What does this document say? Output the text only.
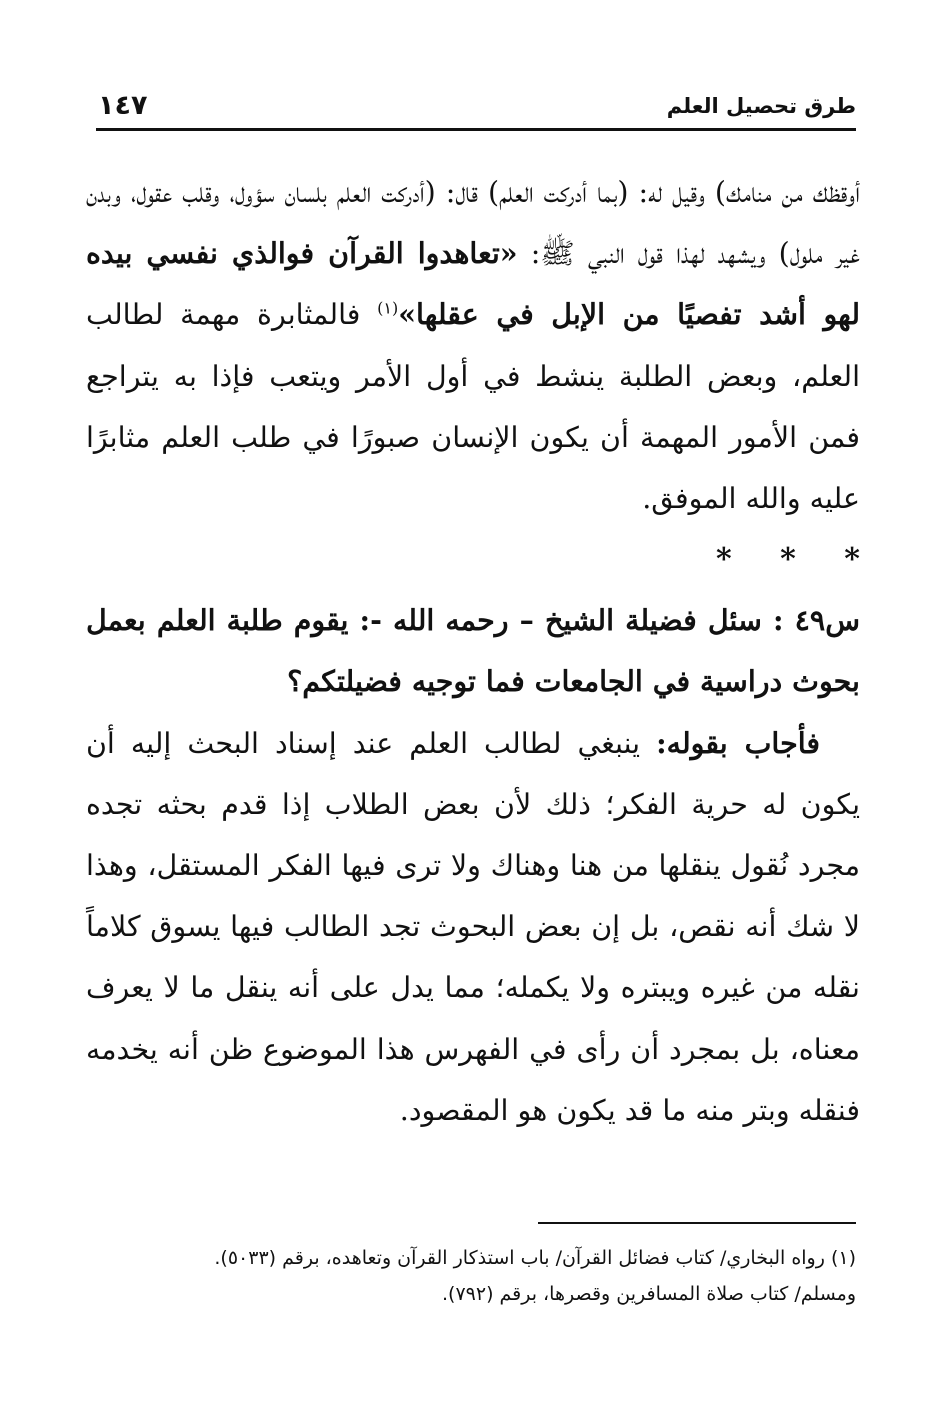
طرق تحصيل العلم
١٤٧

أوقظك من منامك) وقيل له: (بما أدركت العلم) قال: (أدركت العلم بلسان سؤول، وقلب عقول، وبدن غير ملول) ويشهد لهذا قول النبي ﷺ: «تعاهدوا القرآن فوالذي نفسي بيده لهو أشد تفصيًا من الإبل في عقلها»$^{(١)}$ فالمثابرة مهمة لطالب العلم، وبعض الطلبة ينشط في أول الأمر ويتعب فإذا به يتراجع فمن الأمور المهمة أن يكون الإنسان صبورًا في طلب العلم مثابرًا عليه والله الموفق.

* * *

س٤٩ : سئل فضيلة الشيخ – رحمه الله -: يقوم طلبة العلم بعمل بحوث دراسية في الجامعات فما توجيه فضيلتكم؟

فأجاب بقوله: ينبغي لطالب العلم عند إسناد البحث إليه أن يكون له حرية الفكر؛ ذلك لأن بعض الطلاب إذا قدم بحثه تجده مجرد نُقول ينقلها من هنا وهناك ولا ترى فيها الفكر المستقل، وهذا لا شك أنه نقص، بل إن بعض البحوث تجد الطالب فيها يسوق كلاماً نقله من غيره ويبتره ولا يكمله؛ مما يدل على أنه ينقل ما لا يعرف معناه، بل بمجرد أن رأى في الفهرس هذا الموضوع ظن أنه يخدمه فنقله وبتر منه ما قد يكون هو المقصود.

(١) رواه البخاري/ كتاب فضائل القرآن/ باب استذكار القرآن وتعاهده، برقم (٥٠٣٣).

ومسلم/ كتاب صلاة المسافرين وقصرها، برقم (٧٩٢).
